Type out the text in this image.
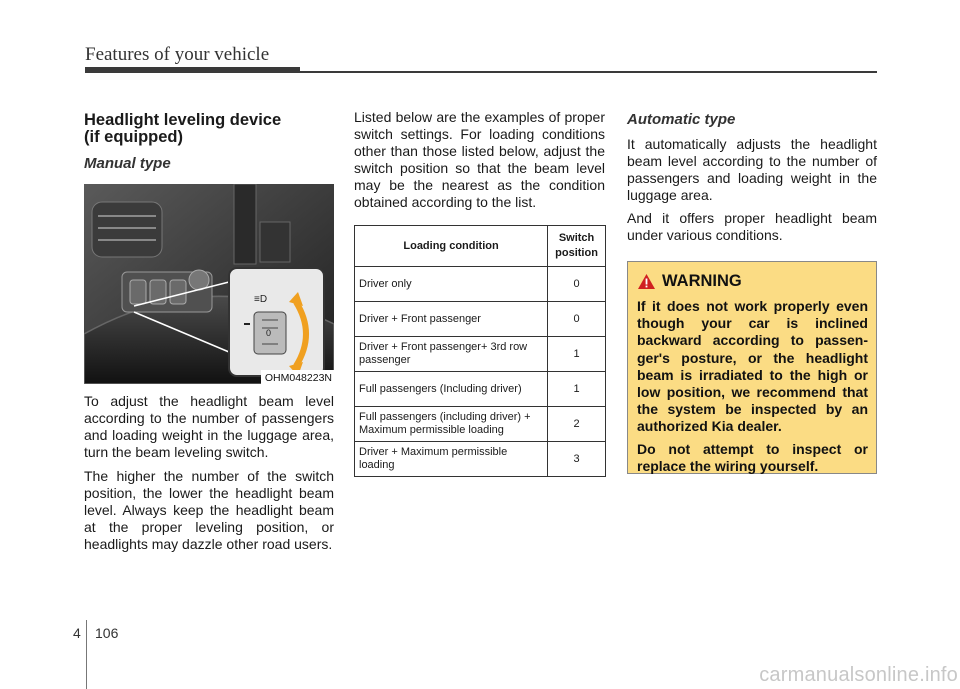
Features of your vehicle
Headlight leveling device
(if equipped)
Manual type
0
≡D
OHM048223N

To adjust the headlight beam level according to the number of passengers and loading weight in the luggage area, turn the beam leveling switch.

The higher the number of the switch position, the lower the headlight beam level. Always keep the headlight beam at the proper leveling position, or headlights may dazzle other road users.

Listed below are the examples of proper switch settings. For loading conditions other than those listed below, adjust the switch position so that the beam level may be the nearest as the condition obtained according to the list.

Loading condition	Switch
position
Driver only	0
Driver + Front passenger	0
Driver + Front passenger+ 3rd row passenger	1
Full passengers (Including driver)	1
Full passengers (including driver) + Maximum permissible loading	2
Driver + Maximum permissible loading	3
Automatic type

It automatically adjusts the headlight beam level according to the number of passengers and loading weight in the luggage area.

And it offers proper headlight beam under various conditions.

WARNING

If it does not work properly even though your car is inclined backward according to passenger's posture, or the headlight beam is irradiated to the high or low position, we recommend that the system be inspected by an authorized Kia dealer.

Do not attempt to inspect or replace the wiring yourself.

4 106
carmanualsonline.info
